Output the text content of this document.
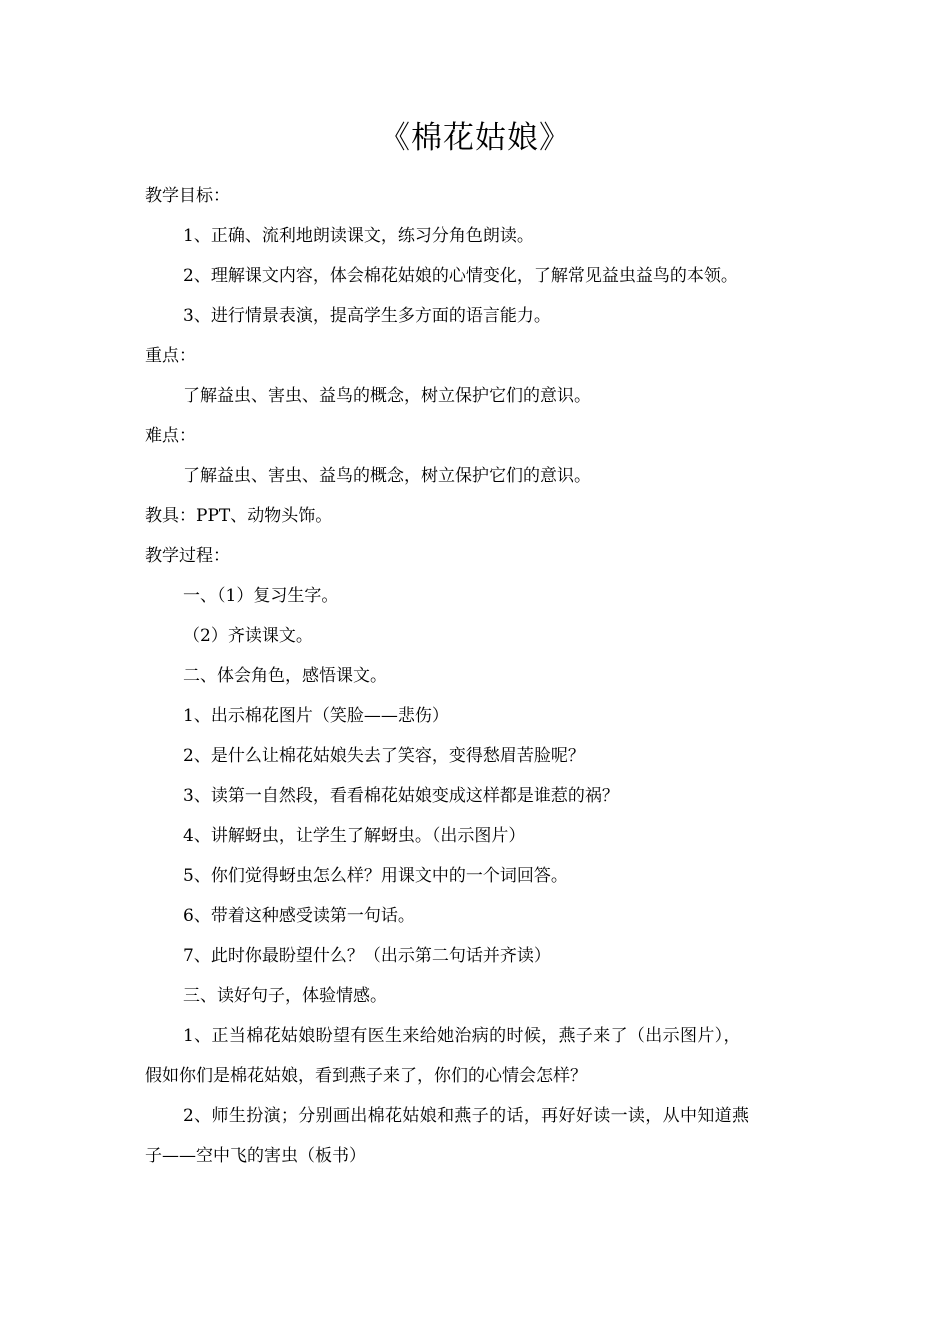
《棉花姑娘》
教学目标：
1、正确、流利地朗读课文，练习分角色朗读。
2、理解课文内容，体会棉花姑娘的心情变化，了解常见益虫益鸟的本领。
3、进行情景表演，提高学生多方面的语言能力。
重点：
了解益虫、害虫、益鸟的概念，树立保护它们的意识。
难点：
了解益虫、害虫、益鸟的概念，树立保护它们的意识。
教具：PPT、动物头饰。
教学过程：
一、（1）复习生字。
（2）齐读课文。
二、体会角色，感悟课文。
1、出示棉花图片（笑脸——悲伤）
2、是什么让棉花姑娘失去了笑容，变得愁眉苦脸呢？
3、读第一自然段，看看棉花姑娘变成这样都是谁惹的祸？
4、讲解蚜虫，让学生了解蚜虫。（出示图片）
5、你们觉得蚜虫怎么样？用课文中的一个词回答。
6、带着这种感受读第一句话。
7、此时你最盼望什么？（出示第二句话并齐读）
三、读好句子，体验情感。
1、正当棉花姑娘盼望有医生来给她治病的时候，燕子来了（出示图片），
假如你们是棉花姑娘，看到燕子来了，你们的心情会怎样？
2、师生扮演；分别画出棉花姑娘和燕子的话，再好好读一读，从中知道燕
子——空中飞的害虫（板书）
